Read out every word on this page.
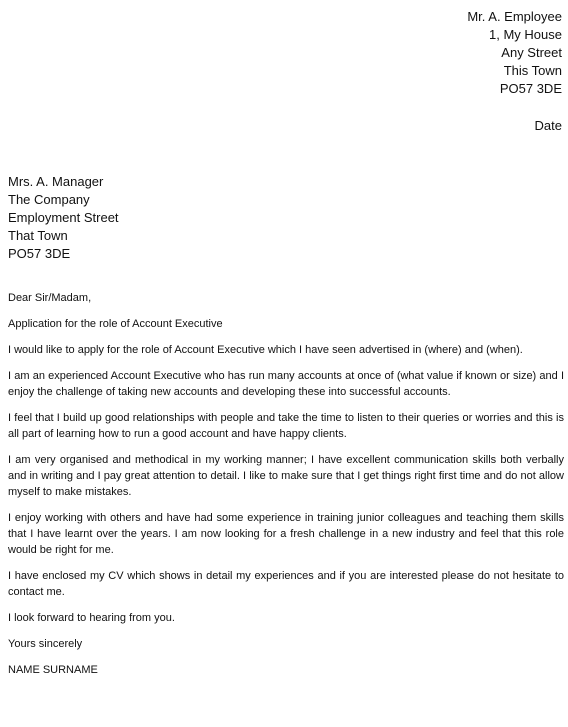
Mr. A. Employee
1, My House
Any Street
This Town
PO57 3DE
Date
Mrs. A. Manager
The Company
Employment Street
That Town
PO57 3DE

Dear Sir/Madam,

Application for the role of Account Executive

I would like to apply for the role of Account Executive which I have seen advertised in (where) and (when).

I am an experienced Account Executive who has run many accounts at once of (what value if known or size) and I enjoy the challenge of taking new accounts and developing these into successful accounts.

I feel that I build up good relationships with people and take the time to listen to their queries or worries and this is all part of learning how to run a good account and have happy clients.

I am very organised and methodical in my working manner; I have excellent communication skills both verbally and in writing and I pay great attention to detail. I like to make sure that I get things right first time and do not allow myself to make mistakes.

I enjoy working with others and have had some experience in training junior colleagues and teaching them skills that I have learnt over the years. I am now looking for a fresh challenge in a new industry and feel that this role would be right for me.

I have enclosed my CV which shows in detail my experiences and if you are interested please do not hesitate to contact me.

I look forward to hearing from you.

Yours sincerely

NAME SURNAME
